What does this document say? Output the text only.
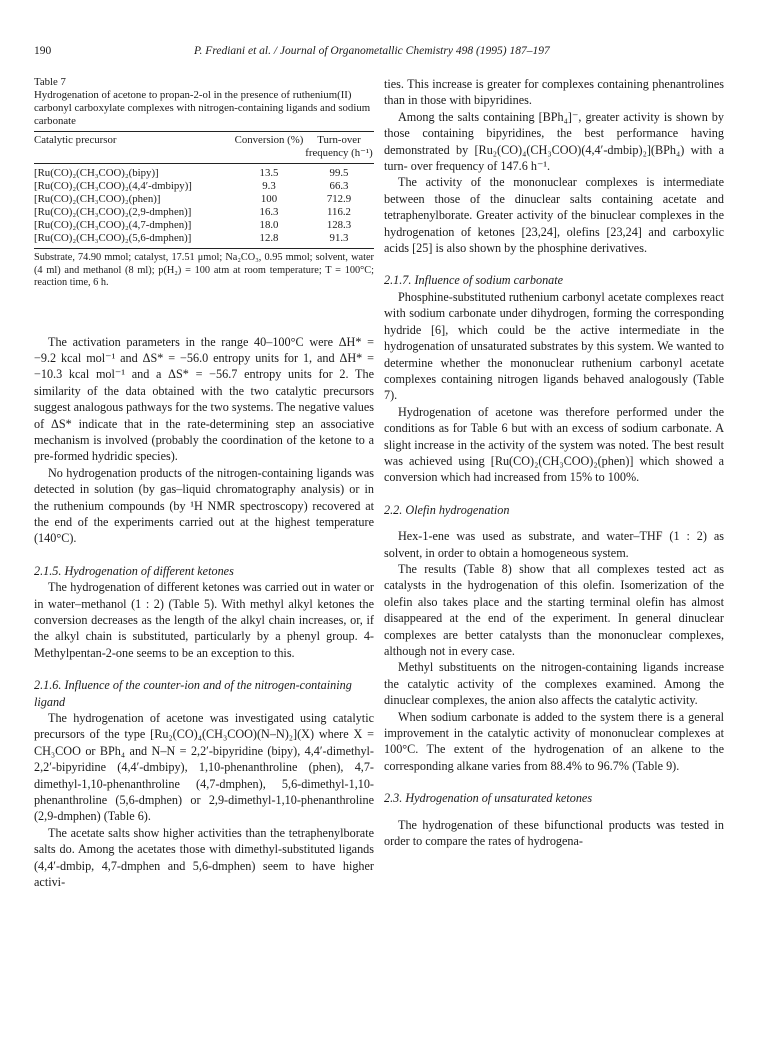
190	P. Frediani et al. / Journal of Organometallic Chemistry 498 (1995) 187–197
Table 7
Hydrogenation of acetone to propan-2-ol in the presence of ruthenium(II) carbonyl carboxylate complexes with nitrogen-containing ligands and sodium carbonate
Catalytic precursor	Conversion (%)	Turn-over frequency (h⁻¹)
[Ru(CO)₂(CH₃COO)₂(bipy)]	13.5	99.5
[Ru(CO)₂(CH₃COO)₂(4,4′-dmbipy)]	9.3	66.3
[Ru(CO)₂(CH₃COO)₂(phen)]	100	712.9
[Ru(CO)₂(CH₃COO)₂(2,9-dmphen)]	16.3	116.2
[Ru(CO)₂(CH₃COO)₂(4,7-dmphen)]	18.0	128.3
[Ru(CO)₂(CH₃COO)₂(5,6-dmphen)]	12.8	91.3
Substrate, 74.90 mmol; catalyst, 17.51 μmol; Na₂CO₃, 0.95 mmol; solvent, water (4 ml) and methanol (8 ml); p(H₂) = 100 atm at room temperature; T = 100°C; reaction time, 6 h.

The activation parameters in the range 40–100°C were ΔH* = −9.2 kcal mol⁻¹ and ΔS* = −56.0 entropy units for 1, and ΔH* = −10.3 kcal mol⁻¹ and a ΔS* = −56.7 entropy units for 2. The similarity of the data obtained with the two catalytic precursors suggest analogous pathways for the two systems. The negative values of ΔS* indicate that in the rate-determining step an associative mechanism is involved (probably the coordination of the ketone to a pre-formed hydridic species).

No hydrogenation products of the nitrogen-containing ligands was detected in solution (by gas–liquid chromatography analysis) or in the ruthenium compounds (by ¹H NMR spectroscopy) recovered at the end of the experiments carried out at the highest temperature (140°C).

2.1.5. Hydrogenation of different ketones

The hydrogenation of different ketones was carried out in water or in water–methanol (1 : 2) (Table 5). With methyl alkyl ketones the conversion decreases as the length of the alkyl chain increases, or, if the alkyl chain is substituted, particularly by a phenyl group. 4-Methylpentan-2-one seems to be an exception to this.

2.1.6. Influence of the counter-ion and of the nitrogen-containing ligand

The hydrogenation of acetone was investigated using catalytic precursors of the type [Ru₂(CO)₄(CH₃COO)(N–N)₂](X) where X = CH₃COO or BPh₄ and N–N = 2,2′-bipyridine (bipy), 4,4′-dimethyl-2,2′-bipyridine (4,4′-dmbipy), 1,10-phenanthroline (phen), 4,7-dimethyl-1,10-phenanthroline (4,7-dmphen), 5,6-dimethyl-1,10-phenanthroline (5,6-dmphen) or 2,9-dimethyl-1,10-phenanthroline (2,9-dmphen) (Table 6).

The acetate salts show higher activities than the tetraphenylborate salts do. Among the acetates those with dimethyl-substituted ligands (4,4′-dmbip, 4,7-dmphen and 5,6-dmphen) seem to have higher activi-

ties. This increase is greater for complexes containing phenantrolines than in those with bipyridines.

Among the salts containing [BPh₄]⁻, greater activity is shown by those containing bipyridines, the best performance having demonstrated by [Ru₂(CO)₄(CH₃COO)(4,4′-dmbip)₂](BPh₄) with a turn- over frequency of 147.6 h⁻¹.

The activity of the mononuclear complexes is intermediate between those of the dinuclear salts containing acetate and tetraphenylborate. Greater activity of the binuclear complexes in the hydrogenation of ketones [23,24], olefins [23,24] and carboxylic acids [25] is also shown by the phosphine derivatives.

2.1.7. Influence of sodium carbonate

Phosphine-substituted ruthenium carbonyl acetate complexes react with sodium carbonate under dihydrogen, forming the corresponding hydride [6], which could be the active intermediate in the hydrogenation of unsaturated substrates by this system. We wanted to determine whether the mononuclear ruthenium carbonyl acetate complexes containing nitrogen ligands behaved analogously (Table 7).

Hydrogenation of acetone was therefore performed under the conditions as for Table 6 but with an excess of sodium carbonate. A slight increase in the activity of the system was noted. The best result was achieved using [Ru(CO)₂(CH₃COO)₂(phen)] which showed a conversion which had increased from 15% to 100%.

2.2. Olefin hydrogenation

Hex-1-ene was used as substrate, and water–THF (1 : 2) as solvent, in order to obtain a homogeneous system.

The results (Table 8) show that all complexes tested act as catalysts in the hydrogenation of this olefin. Isomerization of the olefin also takes place and the starting terminal olefin has almost disappeared at the end of the experiment. In general dinuclear complexes are better catalysts than the mononuclear complexes, although not in every case.

Methyl substituents on the nitrogen-containing ligands increase the catalytic activity of the complexes examined. Among the dinuclear complexes, the anion also affects the catalytic activity.

When sodium carbonate is added to the system there is a general improvement in the catalytic activity of mononuclear complexes at 100°C. The extent of the hydrogenation of an alkene to the corresponding alkane varies from 88.4% to 96.7% (Table 9).

2.3. Hydrogenation of unsaturated ketones

The hydrogenation of these bifunctional products was tested in order to compare the rates of hydrogena-
